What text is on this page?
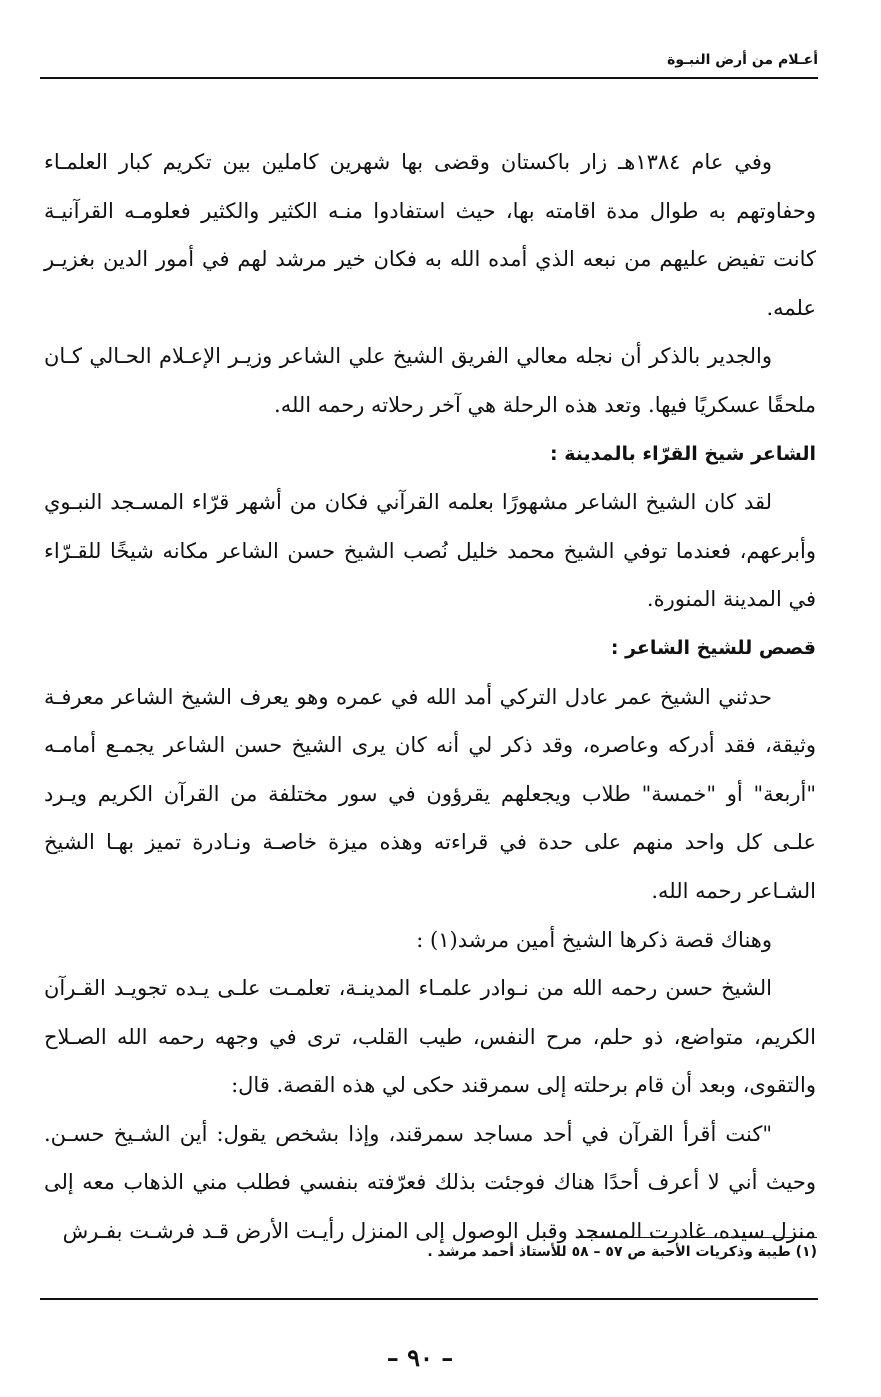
أعـلام من أرض النبـوة

وفي عام ١٣٨٤هـ زار باكستان وقضى بها شهرين كاملين بين تكريم كبار العلمـاء وحفاوتهم به طوال مدة اقامته بها، حيث استفادوا منـه الكثير والكثير فعلومـه القرآنيـة كانت تفيض عليهم من نبعه الذي أمده الله به فكان خير مرشد لهم في أمور الدين بغزيـر علمه.

والجدير بالذكر أن نجله معالي الفريق الشيخ علي الشاعر وزيـر الإعـلام الحـالي كـان ملحقًا عسكريًا فيها. وتعد هذه الرحلة هي آخر رحلاته رحمه الله.

الشاعر شيخ القرّاء بالمدينة :

لقد كان الشيخ الشاعر مشهورًا بعلمه القرآني فكان من أشهر قرّاء المسـجد النبـوي وأبرعهم، فعندما توفي الشيخ محمد خليل نُصب الشيخ حسن الشاعر مكانه شيخًا للقـرّاء في المدينة المنورة.

قصص للشيخ الشاعر :

حدثني الشيخ عمر عادل التركي أمد الله في عمره وهو يعرف الشيخ الشاعر معرفـة وثيقة، فقد أدركه وعاصره، وقد ذكر لي أنه كان يرى الشيخ حسن الشاعر يجمـع أمامـه "أربعة" أو "خمسة" طلاب ويجعلهم يقرؤون في سور مختلفة من القرآن الكريم ويـرد علـى كل واحد منهم على حدة في قراءته وهذه ميزة خاصـة ونـادرة تميز بهـا الشيخ الشـاعر رحمه الله.

وهناك قصة ذكرها الشيخ أمين مرشد(١) :

الشيخ حسن رحمه الله من نـوادر علمـاء المدينـة، تعلمـت علـى يـده تجويـد القـرآن الكريم، متواضع، ذو حلم، مرح النفس، طيب القلب، ترى في وجهه رحمه الله الصـلاح والتقوى، وبعد أن قام برحلته إلى سمرقند حكى لي هذه القصة. قال:

"كنت أقرأ القرآن في أحد مساجد سمرقند، وإذا بشخص يقول: أين الشـيخ حسـن. وحيث أني لا أعرف أحدًا هناك فوجئت بذلك فعرّفته بنفسي فطلب مني الذهاب معه إلى منزل سيده، غادرت المسجد وقبل الوصول إلى المنزل رأيـت الأرض قـد فرشـت بفـرش

(١) طيبة وذكريات الأحبة ص ٥٧ – ٥٨ للأستاذ أحمد مرشد .
– ٩٠ –
